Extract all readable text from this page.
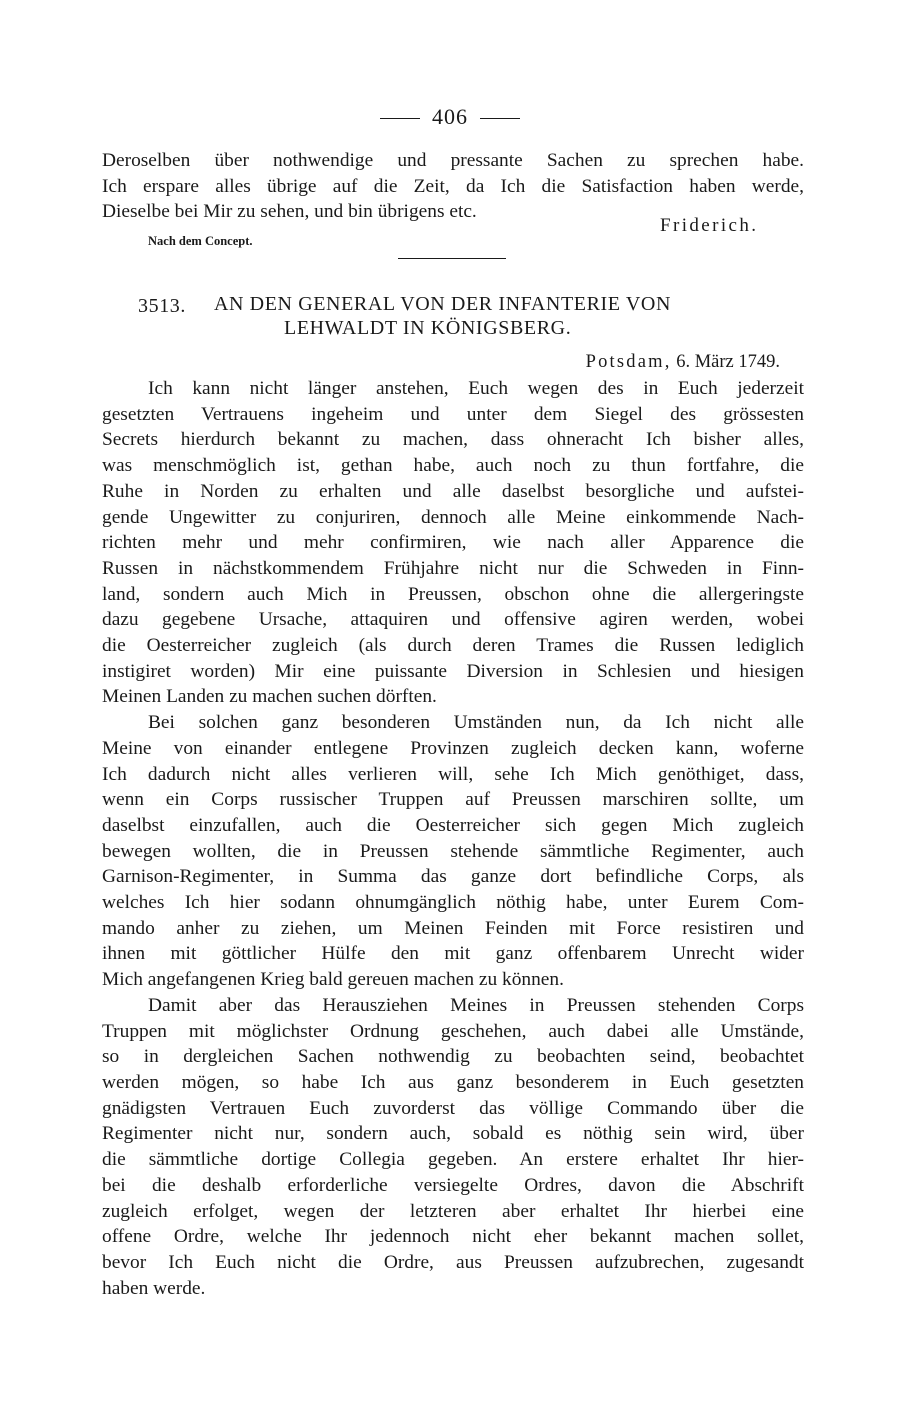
406
Deroselben über nothwendige und pressante Sachen zu sprechen habe.
Ich erspare alles übrige auf die Zeit, da Ich die Satisfaction haben werde,
Dieselbe bei Mir zu sehen, und bin übrigens etc.
Friderich.
Nach dem Concept.
3513. AN DEN GENERAL VON DER INFANTERIE VON
LEHWALDT IN KÖNIGSBERG.
Potsdam, 6. März 1749.
Ich kann nicht länger anstehen, Euch wegen des in Euch jederzeit
gesetzten Vertrauens ingeheim und unter dem Siegel des grössesten
Secrets hierdurch bekannt zu machen, dass ohneracht Ich bisher alles,
was menschmöglich ist, gethan habe, auch noch zu thun fortfahre, die
Ruhe in Norden zu erhalten und alle daselbst besorgliche und aufstei-
gende Ungewitter zu conjuriren, dennoch alle Meine einkommende Nach-
richten mehr und mehr confirmiren, wie nach aller Apparence die
Russen in nächstkommendem Frühjahre nicht nur die Schweden in Finn-
land, sondern auch Mich in Preussen, obschon ohne die allergeringste
dazu gegebene Ursache, attaquiren und offensive agiren werden, wobei
die Oesterreicher zugleich (als durch deren Trames die Russen lediglich
instigiret worden) Mir eine puissante Diversion in Schlesien und hiesigen
Meinen Landen zu machen suchen dörften.
Bei solchen ganz besonderen Umständen nun, da Ich nicht alle
Meine von einander entlegene Provinzen zugleich decken kann, woferne
Ich dadurch nicht alles verlieren will, sehe Ich Mich genöthiget, dass,
wenn ein Corps russischer Truppen auf Preussen marschiren sollte, um
daselbst einzufallen, auch die Oesterreicher sich gegen Mich zugleich
bewegen wollten, die in Preussen stehende sämmtliche Regimenter, auch
Garnison-Regimenter, in Summa das ganze dort befindliche Corps, als
welches Ich hier sodann ohnumgänglich nöthig habe, unter Eurem Com-
mando anher zu ziehen, um Meinen Feinden mit Force resistiren und
ihnen mit göttlicher Hülfe den mit ganz offenbarem Unrecht wider
Mich angefangenen Krieg bald gereuen machen zu können.
Damit aber das Herausziehen Meines in Preussen stehenden Corps
Truppen mit möglichster Ordnung geschehen, auch dabei alle Umstände,
so in dergleichen Sachen nothwendig zu beobachten seind, beobachtet
werden mögen, so habe Ich aus ganz besonderem in Euch gesetzten
gnädigsten Vertrauen Euch zuvorderst das völlige Commando über die
Regimenter nicht nur, sondern auch, sobald es nöthig sein wird, über
die sämmtliche dortige Collegia gegeben. An erstere erhaltet Ihr hier-
bei die deshalb erforderliche versiegelte Ordres, davon die Abschrift
zugleich erfolget, wegen der letzteren aber erhaltet Ihr hierbei eine
offene Ordre, welche Ihr jedennoch nicht eher bekannt machen sollet,
bevor Ich Euch nicht die Ordre, aus Preussen aufzubrechen, zugesandt
haben werde.
